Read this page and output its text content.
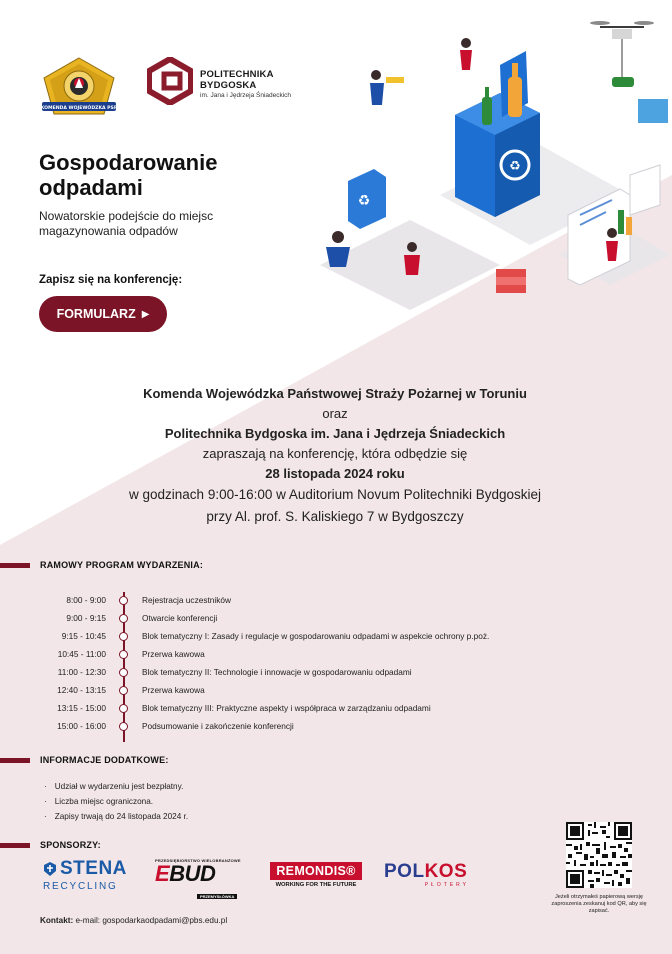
KOMENDA WOJEWÓDZKA PSP
POLITECHNIKA
BYDGOSKA
im. Jana i Jędrzeja Śniadeckich
Gospodarowanie odpadami

Nowatorskie podejście do miejsc magazynowania odpadów

Zapisz się na konferencję:
FORMULARZ ▶
♻
♻
Komenda Wojewódzka Państwowej Straży Pożarnej w Toruniu
oraz
Politechnika Bydgoska im. Jana i Jędrzeja Śniadeckich
zapraszają na konferencję, która odbędzie się
28 listopada 2024 roku
w godzinach 9:00-16:00 w Auditorium Novum Politechniki Bydgoskiej
przy Al. prof. S. Kaliskiego 7 w Bydgoszczy
RAMOWY PROGRAM WYDARZENIA:
8:00 - 9:00	Rejestracja uczestników
9:00 - 9:15	Otwarcie konferencji
9:15 - 10:45	Blok tematyczny I: Zasady i regulacje w gospodarowaniu odpadami w aspekcie ochrony p.poż.
10:45 - 11:00	Przerwa kawowa
11:00 - 12:30	Blok tematyczny II: Technologie i innowacje w gospodarowaniu odpadami
12:40 - 13:15	Przerwa kawowa
13:15 - 15:00	Blok tematyczny III: Praktyczne aspekty i współpraca w zarządzaniu odpadami
15:00 - 16:00	Podsumowanie i zakończenie konferencji
INFORMACJE DODATKOWE:
· Udział w wydarzeniu jest bezpłatny.
· Liczba miejsc ograniczona.
· Zapisy trwają do 24 listopada 2024 r.
SPONSORZY:
STENA
RECYCLING
PRZEDSIĘBIORSTWO WIELOBRANŻOWE
EBUD
PRZEMYSŁÓWKA
REMONDIS®
WORKING FOR THE FUTURE
POLKOS
PŁOTERY
Jeżeli otrzymałeś papierową wersję zaproszenia zeskanuj kod QR, aby się zapisać.
Kontakt: e-mail: gospodarkaodpadami@pbs.edu.pl
